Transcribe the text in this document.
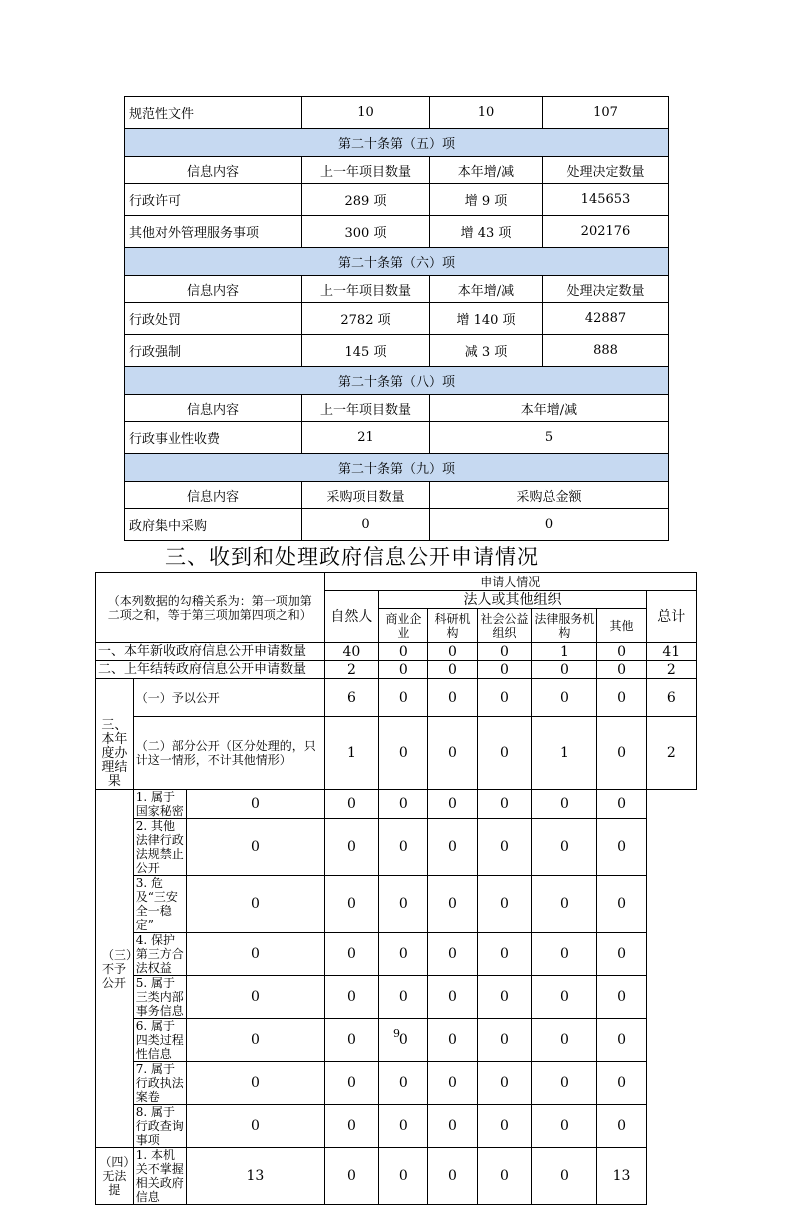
规范性文件	10	10	107
第二十条第（五）项			
信息内容	上一年项目数量	本年增/减	处理决定数量
行政许可	289 项	增 9 项	145653
其他对外管理服务事项	300 项	增 43 项	202176
第二十条第（六）项			
信息内容	上一年项目数量	本年增/减	处理决定数量
行政处罚	2782 项	增 140 项	42887
行政强制	145 项	减 3 项	888
第二十条第（八）项			
信息内容	上一年项目数量	本年增/减	
行政事业性收费	21	5	
第二十条第（九）项			
信息内容	采购项目数量	采购总金额	
政府集中采购	0	0	
三、收到和处理政府信息公开申请情况
（本列数据的勾稽关系为：第一项加第二项之和，等于第三项加第四项之和）			申请人情况						
			自然人	法人或其他组织					总计
				商业企业	科研机构	社会公益组织	法律服务机构	其他	
一、本年新收政府信息公开申请数量			40	0	0	0	1	0	41
二、上年结转政府信息公开申请数量			2	0	0	0	0	0	2
三、本年度办理结果	（一）予以公开		6	0	0	0	0	0	6
	（二）部分公开（区分处理的，只计这一情形，不计其他情形）		1	0	0	0	1	0	2
（三）不予公开	1. 属于国家秘密	0	0	0	0	0	0	0	
	2. 其他法律行政法规禁止公开	0	0	0	0	0	0	0	
	3. 危及“三安全一稳定”	0	0	0	0	0	0	0	
	4. 保护第三方合法权益	0	0	0	0	0	0	0	
	5. 属于三类内部事务信息	0	0	0	0	0	0	0	
	6. 属于四类过程性信息	0	0	0	0	0	0	0	
	7. 属于行政执法案卷	0	0	0	0	0	0	0	
	8. 属于行政查询事项	0	0	0	0	0	0	0	
（四）无法提	1. 本机关不掌握相关政府信息	13	0	0	0	0	0	13	
9
